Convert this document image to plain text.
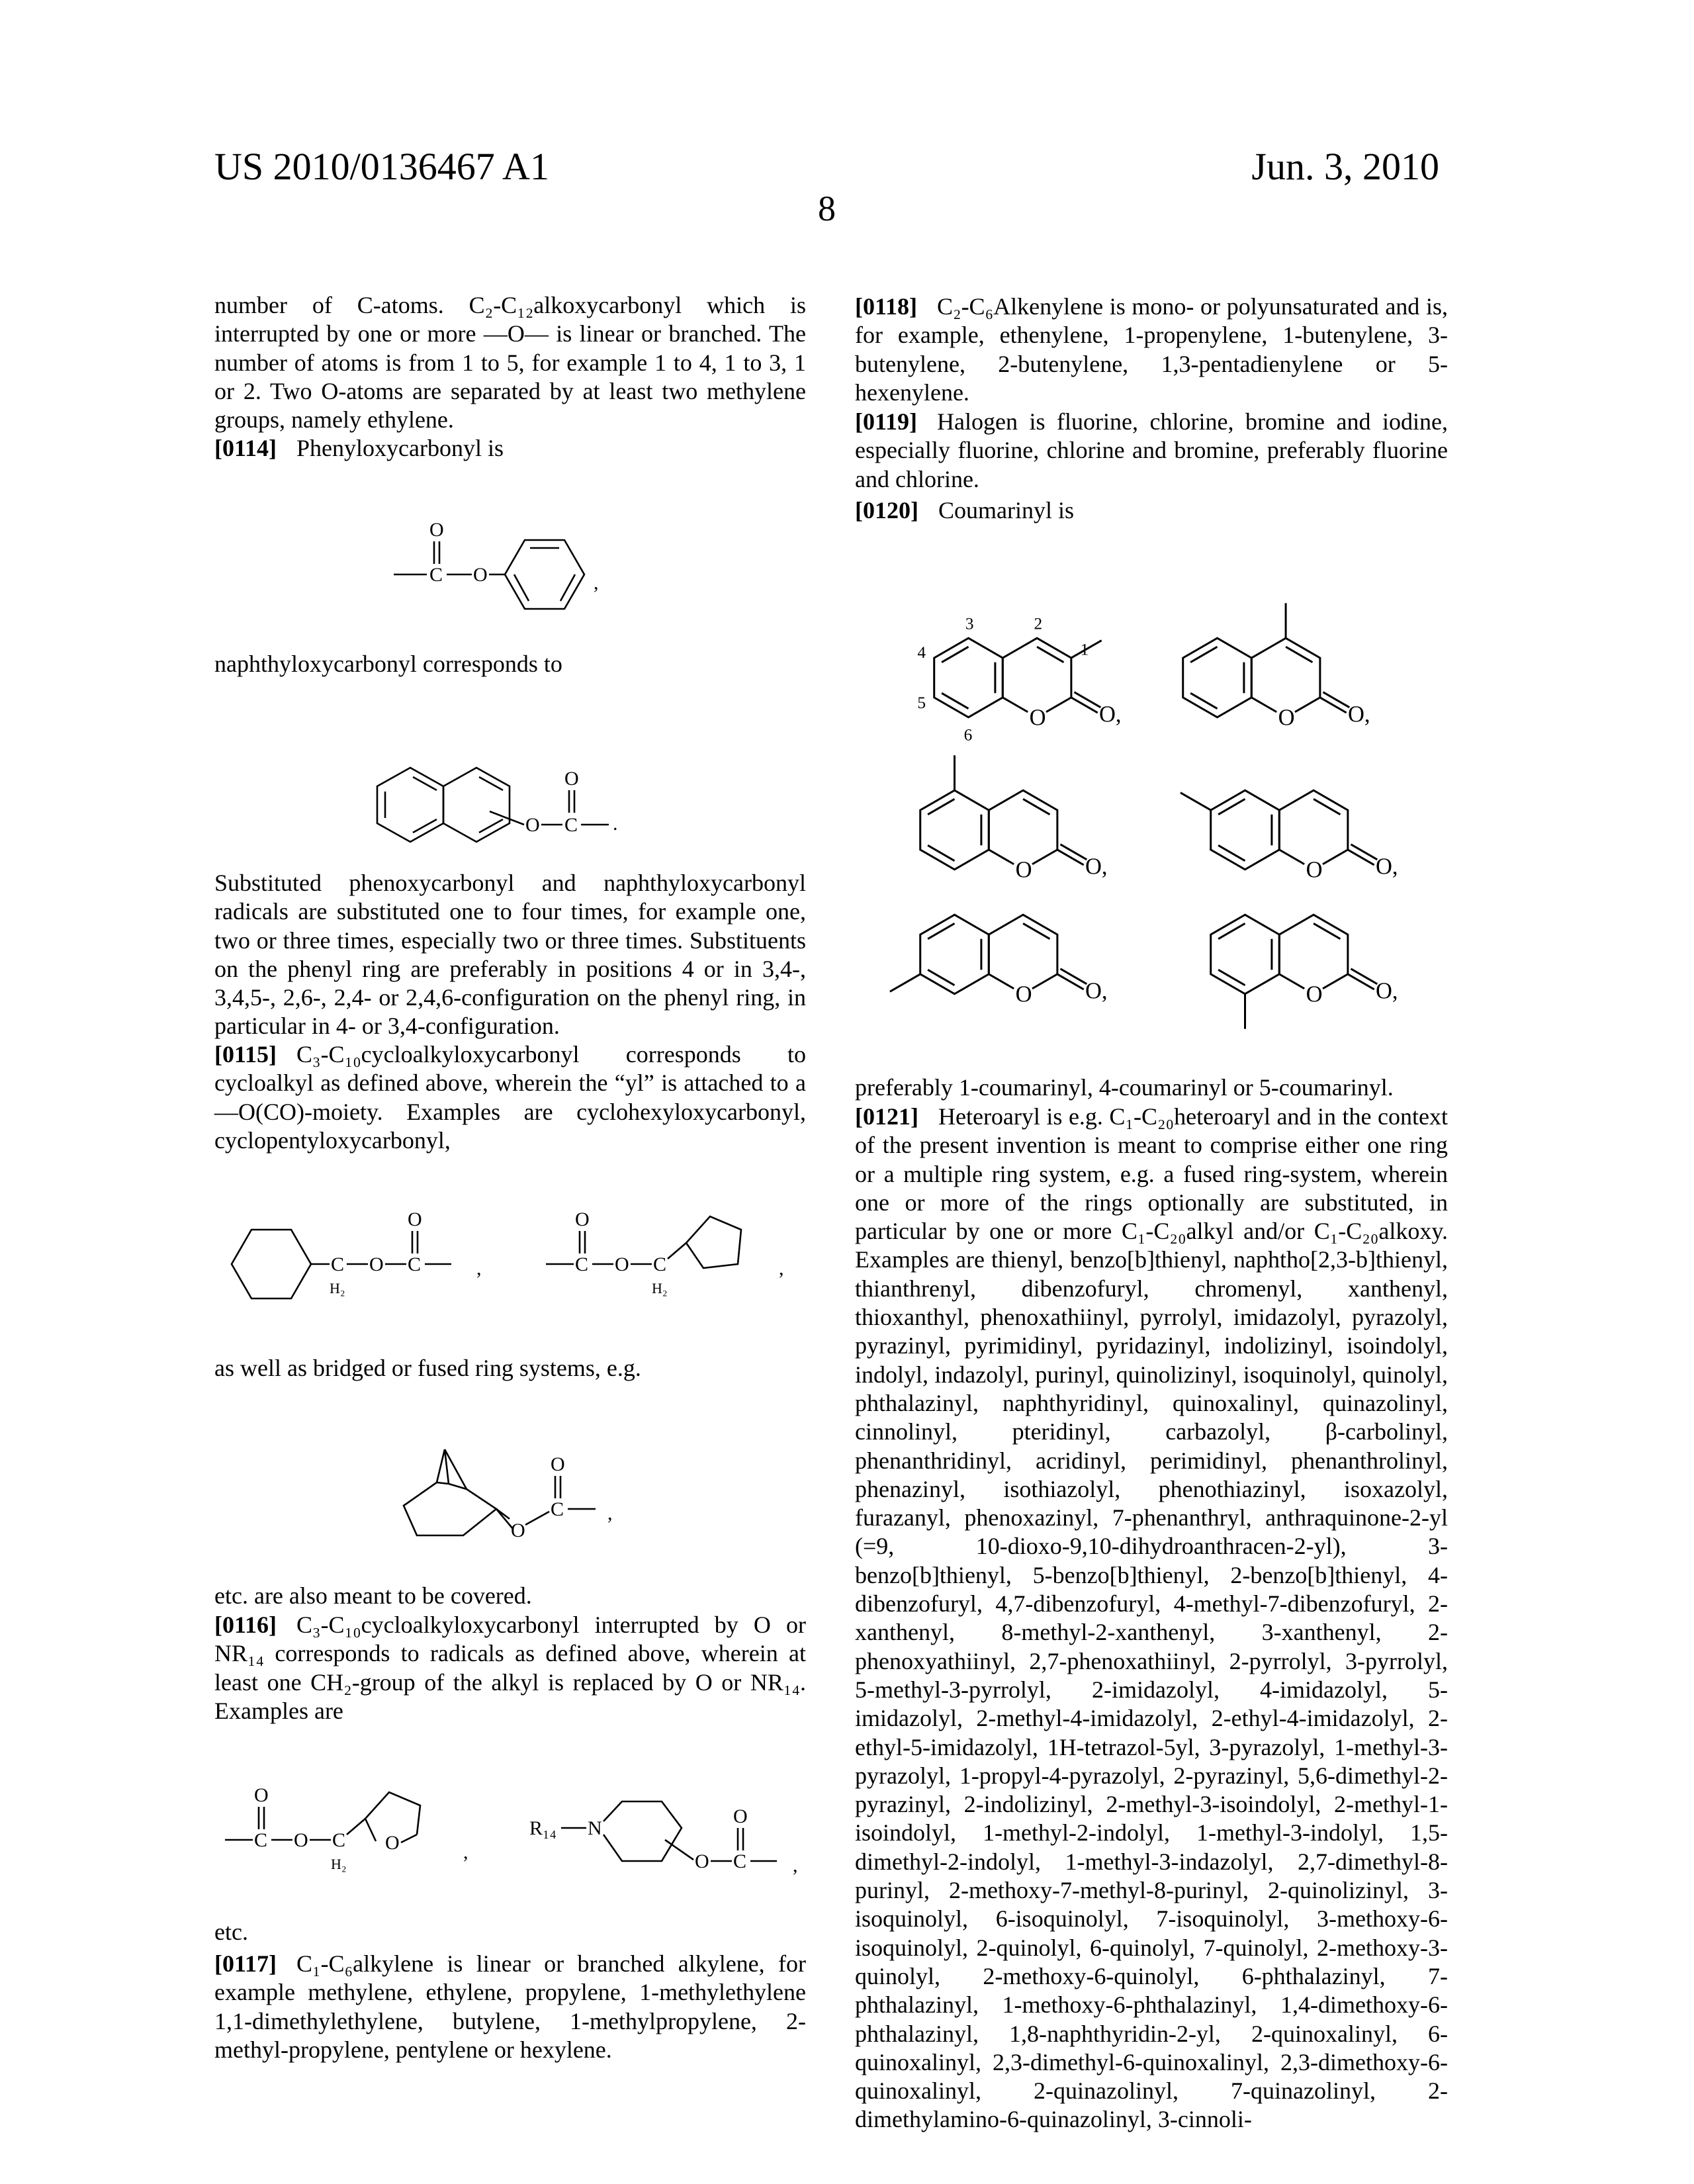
US 2010/0136467 A1	Jun. 3, 2010
8
number of C-atoms. C₂-C₁₂alkoxycarbonyl which is interrupted by one or more —O— is linear or branched. The number of atoms is from 1 to 5, for example 1 to 4, 1 to 3, 1 or 2. Two O-atoms are separated by at least two methylene groups, namely ethylene.
[0114] Phenyloxycarbonyl is
C
O
O	,
naphthyloxycarbonyl corresponds to
O C
O
.
Substituted phenoxycarbonyl and naphthyloxycarbonyl radicals are substituted one to four times, for example one, two or three times, especially two or three times. Substituents on the phenyl ring are preferably in positions 4 or in 3,4-, 3,4,5-, 2,6-, 2,4- or 2,4,6-configuration on the phenyl ring, in particular in 4- or 3,4-configuration.
[0115] C₃-C₁₀cycloalkyloxycarbonyl corresponds to cycloalkyl as defined above, wherein the “yl” is attached to a —O(CO)-moiety. Examples are cyclohexyloxycarbonyl, cyclopentyloxycarbonyl,
C
H₂
O C
O
,	C
O
O C
H₂
,
as well as bridged or fused ring systems, e.g.
O
C
O
,
etc. are also meant to be covered.
[0116] C₃-C₁₀cycloalkyloxycarbonyl interrupted by O or NR₁₄ corresponds to radicals as defined above, wherein at least one CH₂-group of the alkyl is replaced by O or NR₁₄. Examples are
C
O
O C
H₂
O	,
R₁₄ N
O C
O
,
etc.
[0117] C₁-C₆alkylene is linear or branched alkylene, for example methylene, ethylene, propylene, 1-methylethylene 1,1-dimethylethylene, butylene, 1-methylpropylene, 2-methyl-propylene, pentylene or hexylene.
[0118] C₂-C₆Alkenylene is mono- or polyunsaturated and is, for example, ethenylene, 1-propenylene, 1-butenylene, 3-butenylene, 2-butenylene, 1,3-pentadienylene or 5-hexenylene.
[0119] Halogen is fluorine, chlorine, bromine and iodine, especially fluorine, chlorine and bromine, preferably fluorine and chlorine.
[0120] Coumarinyl is
O	O,
1
2
3
4
5
6
O	O,
O	O,	O	O,
O	O,	O	O,
preferably 1-coumarinyl, 4-coumarinyl or 5-coumarinyl.
[0121] Heteroaryl is e.g. C₁-C₂₀heteroaryl and in the context of the present invention is meant to comprise either one ring or a multiple ring system, e.g. a fused ring-system, wherein one or more of the rings optionally are substituted, in particular by one or more C₁-C₂₀alkyl and/or C₁-C₂₀alkoxy. Examples are thienyl, benzo[b]thienyl, naphtho[2,3-b]thienyl, thianthrenyl, dibenzofuryl, chromenyl, xanthenyl, thioxanthyl, phenoxathiinyl, pyrrolyl, imidazolyl, pyrazolyl, pyrazinyl, pyrimidinyl, pyridazinyl, indolizinyl, isoindolyl, indolyl, indazolyl, purinyl, quinolizinyl, isoquinolyl, quinolyl, phthalazinyl, naphthyridinyl, quinoxalinyl, quinazolinyl, cinnolinyl, pteridinyl, carbazolyl, β-carbolinyl, phenanthridinyl, acridinyl, perimidinyl, phenanthrolinyl, phenazinyl, isothiazolyl, phenothiazinyl, isoxazolyl, furazanyl, phenoxazinyl, 7-phenanthryl, anthraquinone-2-yl (=9, 10-dioxo-9,10-dihydroanthracen-2-yl), 3-benzo[b]thienyl, 5-benzo[b]thienyl, 2-benzo[b]thienyl, 4-dibenzofuryl, 4,7-dibenzofuryl, 4-methyl-7-dibenzofuryl, 2-xanthenyl, 8-methyl-2-xanthenyl, 3-xanthenyl, 2-phenoxyathiinyl, 2,7-phenoxathiinyl, 2-pyrrolyl, 3-pyrrolyl, 5-methyl-3-pyrrolyl, 2-imidazolyl, 4-imidazolyl, 5-imidazolyl, 2-methyl-4-imidazolyl, 2-ethyl-4-imidazolyl, 2-ethyl-5-imidazolyl, 1H-tetrazol-5yl, 3-pyrazolyl, 1-methyl-3-pyrazolyl, 1-propyl-4-pyrazolyl, 2-pyrazinyl, 5,6-dimethyl-2-pyrazinyl, 2-indolizinyl, 2-methyl-3-isoindolyl, 2-methyl-1-isoindolyl, 1-methyl-2-indolyl, 1-methyl-3-indolyl, 1,5-dimethyl-2-indolyl, 1-methyl-3-indazolyl, 2,7-dimethyl-8-purinyl, 2-methoxy-7-methyl-8-purinyl, 2-quinolizinyl, 3-isoquinolyl, 6-isoquinolyl, 7-isoquinolyl, 3-methoxy-6-isoquinolyl, 2-quinolyl, 6-quinolyl, 7-quinolyl, 2-methoxy-3-quinolyl, 2-methoxy-6-quinolyl, 6-phthalazinyl, 7-phthalazinyl, 1-methoxy-6-phthalazinyl, 1,4-dimethoxy-6-phthalazinyl, 1,8-naphthyridin-2-yl, 2-quinoxalinyl, 6-quinoxalinyl, 2,3-dimethyl-6-quinoxalinyl, 2,3-dimethoxy-6-quinoxalinyl, 2-quinazolinyl, 7-quinazolinyl, 2-dimethylamino-6-quinazolinyl, 3-cinnoli-
